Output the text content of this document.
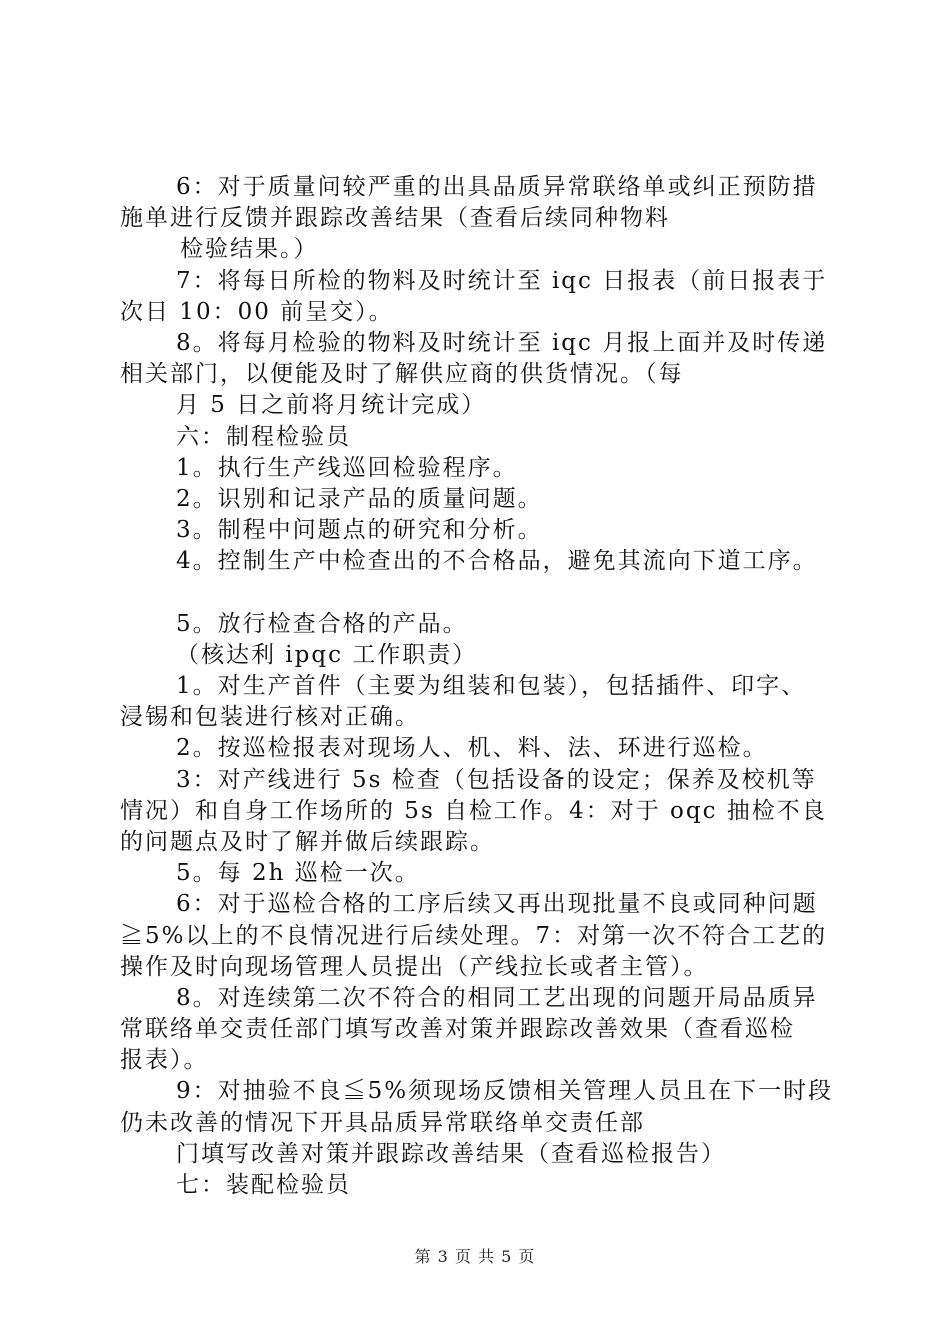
6：对于质量问较严重的出具品质异常联络单或纠正预防措
施单进行反馈并跟踪改善结果（查看后续同种物料
检验结果。）
7：将每日所检的物料及时统计至 iqc 日报表（前日报表于
次日 10：00 前呈交）。
8。将每月检验的物料及时统计至 iqc 月报上面并及时传递
相关部门，以便能及时了解供应商的供货情况。（每
月 5 日之前将月统计完成）
六：制程检验员
1。执行生产线巡回检验程序。
2。识别和记录产品的质量问题。
3。制程中问题点的研究和分析。
4。控制生产中检查出的不合格品，避免其流向下道工序。
5。放行检查合格的产品。
（核达利 ipqc 工作职责）
1。对生产首件（主要为组装和包装），包括插件、印字、
浸锡和包装进行核对正确。
2。按巡检报表对现场人、机、料、法、环进行巡检。
3：对产线进行 5s 检查（包括设备的设定；保养及校机等
情况）和自身工作场所的 5s 自检工作。4：对于 oqc 抽检不良
的问题点及时了解并做后续跟踪。
5。每 2h 巡检一次。
6：对于巡检合格的工序后续又再出现批量不良或同种问题
≧5%以上的不良情况进行后续处理。7：对第一次不符合工艺的
操作及时向现场管理人员提出（产线拉长或者主管）。
8。对连续第二次不符合的相同工艺出现的问题开局品质异
常联络单交责任部门填写改善对策并跟踪改善效果（查看巡检
报表）。
9：对抽验不良≦5%须现场反馈相关管理人员且在下一时段
仍未改善的情况下开具品质异常联络单交责任部
门填写改善对策并跟踪改善结果（查看巡检报告）
七：装配检验员
第 3 页 共 5 页
